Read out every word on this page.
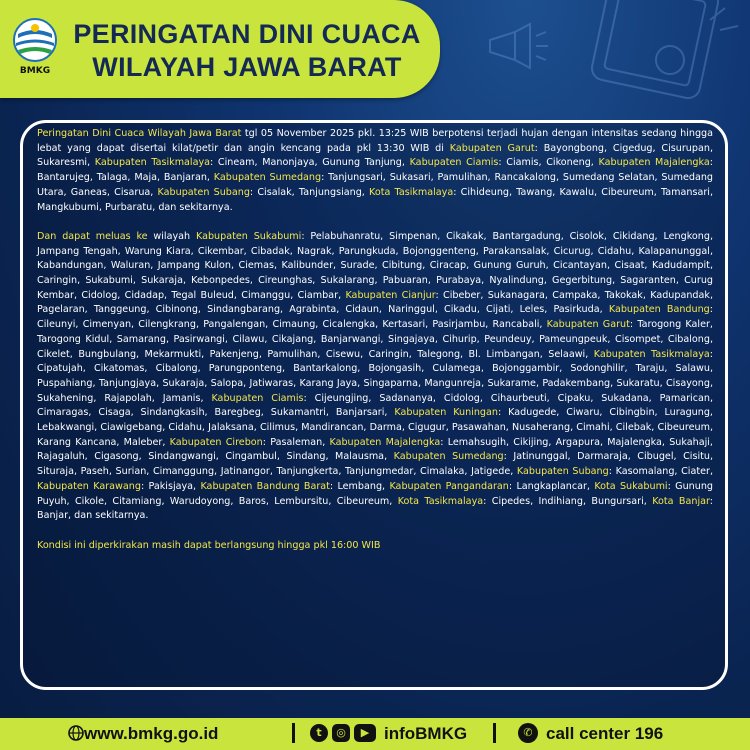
BMKG
PERINGATAN DINI CUACA
WILAYAH JAWA BARAT

Peringatan Dini Cuaca Wilayah Jawa Barat tgl 05 November 2025 pkl. 13:25 WIB berpotensi terjadi hujan dengan intensitas sedang hingga lebat yang dapat disertai kilat/petir dan angin kencang pada pkl 13:30 WIB di Kabupaten Garut: Bayongbong, Cigedug, Cisurupan, Sukaresmi, Kabupaten Tasikmalaya: Cineam, Manonjaya, Gunung Tanjung, Kabupaten Ciamis: Ciamis, Cikoneng, Kabupaten Majalengka: Bantarujeg, Talaga, Maja, Banjaran, Kabupaten Sumedang: Tanjungsari, Sukasari, Pamulihan, Rancakalong, Sumedang Selatan, Sumedang Utara, Ganeas, Cisarua, Kabupaten Subang: Cisalak, Tanjungsiang, Kota Tasikmalaya: Cihideung, Tawang, Kawalu, Cibeureum, Tamansari, Mangkubumi, Purbaratu, dan sekitarnya.

Dan dapat meluas ke wilayah Kabupaten Sukabumi: Pelabuhanratu, Simpenan, Cikakak, Bantargadung, Cisolok, Cikidang, Lengkong, Jampang Tengah, Warung Kiara, Cikembar, Cibadak, Nagrak, Parungkuda, Bojonggenteng, Parakansalak, Cicurug, Cidahu, Kalapanunggal, Kabandungan, Waluran, Jampang Kulon, Ciemas, Kalibunder, Surade, Cibitung, Ciracap, Gunung Guruh, Cicantayan, Cisaat, Kadudampit, Caringin, Sukabumi, Sukaraja, Kebonpedes, Cireunghas, Sukalarang, Pabuaran, Purabaya, Nyalindung, Gegerbitung, Sagaranten, Curug Kembar, Cidolog, Cidadap, Tegal Buleud, Cimanggu, Ciambar, Kabupaten Cianjur: Cibeber, Sukanagara, Campaka, Takokak, Kadupandak, Pagelaran, Tanggeung, Cibinong, Sindangbarang, Agrabinta, Cidaun, Naringgul, Cikadu, Cijati, Leles, Pasirkuda, Kabupaten Bandung: Cileunyi, Cimenyan, Cilengkrang, Pangalengan, Cimaung, Cicalengka, Kertasari, Pasirjambu, Rancabali, Kabupaten Garut: Tarogong Kaler, Tarogong Kidul, Samarang, Pasirwangi, Cilawu, Cikajang, Banjarwangi, Singajaya, Cihurip, Peundeuy, Pameungpeuk, Cisompet, Cibalong, Cikelet, Bungbulang, Mekarmukti, Pakenjeng, Pamulihan, Cisewu, Caringin, Talegong, Bl. Limbangan, Selaawi, Kabupaten Tasikmalaya: Cipatujah, Cikatomas, Cibalong, Parungponteng, Bantarkalong, Bojongasih, Culamega, Bojonggambir, Sodonghilir, Taraju, Salawu, Puspahiang, Tanjungjaya, Sukaraja, Salopa, Jatiwaras, Karang Jaya, Singaparna, Mangunreja, Sukarame, Padakembang, Sukaratu, Cisayong, Sukahening, Rajapolah, Jamanis, Kabupaten Ciamis: Cijeungjing, Sadananya, Cidolog, Cihaurbeuti, Cipaku, Sukadana, Pamarican, Cimaragas, Cisaga, Sindangkasih, Baregbeg, Sukamantri, Banjarsari, Kabupaten Kuningan: Kadugede, Ciwaru, Cibingbin, Luragung, Lebakwangi, Ciawigebang, Cidahu, Jalaksana, Cilimus, Mandirancan, Darma, Cigugur, Pasawahan, Nusaherang, Cimahi, Cilebak, Cibeureum, Karang Kancana, Maleber, Kabupaten Cirebon: Pasaleman, Kabupaten Majalengka: Lemahsugih, Cikijing, Argapura, Majalengka, Sukahaji, Rajagaluh, Cigasong, Sindangwangi, Cingambul, Sindang, Malausma, Kabupaten Sumedang: Jatinunggal, Darmaraja, Cibugel, Cisitu, Situraja, Paseh, Surian, Cimanggung, Jatinangor, Tanjungkerta, Tanjungmedar, Cimalaka, Jatigede, Kabupaten Subang: Kasomalang, Ciater, Kabupaten Karawang: Pakisjaya, Kabupaten Bandung Barat: Lembang, Kabupaten Pangandaran: Langkaplancar, Kota Sukabumi: Gunung Puyuh, Cikole, Citamiang, Warudoyong, Baros, Lembursitu, Cibeureum, Kota Tasikmalaya: Cipedes, Indihiang, Bungursari, Kota Banjar: Banjar, dan sekitarnya.

Kondisi ini diperkirakan masih dapat berlangsung hingga pkl 16:00 WIB

www.bmkg.go.id	t	◎	▶ infoBMKG	✆ call center 196
